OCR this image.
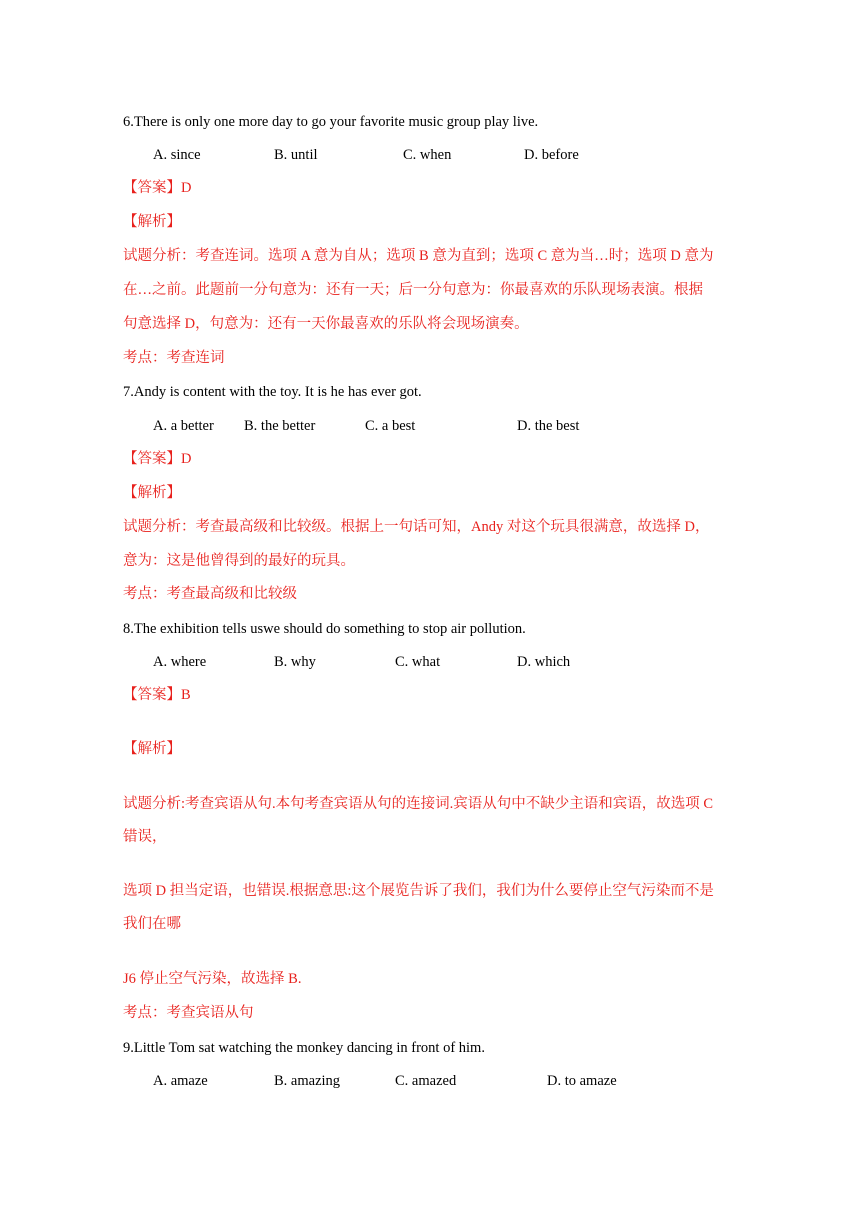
6.There is only one more day to go your favorite music group play live.
A. since	B. until	C. when	D. before
【答案】D
【解析】
试题分析：考查连词。选项 A 意为自从；选项 B 意为直到；选项 C 意为当…时；选项 D 意为
在…之前。此题前一分句意为：还有一天；后一分句意为：你最喜欢的乐队现场表演。根据
句意选择 D，句意为：还有一天你最喜欢的乐队将会现场演奏。
考点：考查连词
7.Andy is content with the toy. It is he has ever got.
A. a better B. the better	C. a best	D. the best
【答案】D
【解析】
试题分析：考查最高级和比较级。根据上一句话可知，Andy 对这个玩具很满意，故选择 D，
意为：这是他曾得到的最好的玩具。
考点：考查最高级和比较级
8.The exhibition tells uswe should do something to stop air pollution.
A. where	B. why	C. what	D. which
【答案】B
【解析】
试题分析:考查宾语从句.本句考查宾语从句的连接词.宾语从句中不缺少主语和宾语，故选项 C
错误，
选项 D 担当定语，也错误.根据意思:这个展览告诉了我们，我们为什么要停止空气污染而不是
我们在哪
J6 停止空气污染，故选择 B.
考点：考查宾语从句
9.Little Tom sat watching the monkey dancing in front of him.
A. amaze	B. amazing	C. amazed	D. to amaze
